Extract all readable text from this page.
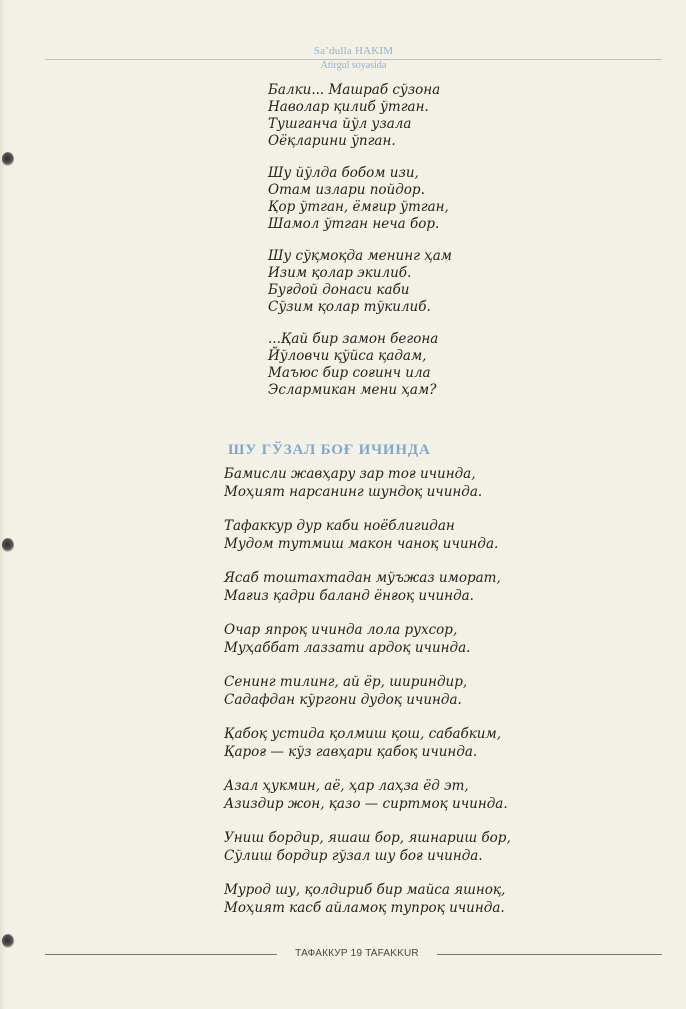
Sa’dulla HAKIM
Atirgul soyasida
Балки... Машраб сўзона
Наволар қилиб ўтган.
Тушганча йўл узала
Оёқларини ўпган.
Шу йўлда бобом изи,
Отам излари пойдор.
Қор ўтган, ёмғир ўтган,
Шамол ўтган неча бор.
Шу сўқмоқда менинг ҳам
Изим қолар экилиб.
Буғдой донаси каби
Сўзим қолар тўкилиб.
...Қай бир замон бегона
Йўловчи қўйса қадам,
Маъюс бир соғинч ила
Эслармикан мени ҳам?
ШУ ГЎЗАЛ БОҒ ИЧИНДА
Бамисли жавҳару зар тоғ ичинда,
Моҳият нарсанинг шундоқ ичинда.
Тафаккур дур каби ноёблигидан
Мудом тутмиш макон чаноқ ичинда.
Ясаб тоштахтадан мўъжаз иморат,
Мағиз қадри баланд ёнғоқ ичинда.
Очар япроқ ичинда лола рухсор,
Муҳаббат лаззати ардоқ ичинда.
Сенинг тилинг, ай ёр, шириндир,
Садафдан кўргони дудоқ ичинда.
Қабоқ устида қолмиш қош, сабабким,
Қароғ — кўз гавҳари қабоқ ичинда.
Азал ҳукмин, аё, ҳар лаҳза ёд эт,
Азиздир жон, қазо — сиртмоқ ичинда.
Униш бордир, яшаш бор, яшнариш бор,
Сўлиш бордир гўзал шу боғ ичинда.
Мурод шу, қолдириб бир майса яшноқ,
Моҳият касб айламоқ тупроқ ичинда.
ТАФАККУР 19 TAFAKKUR
